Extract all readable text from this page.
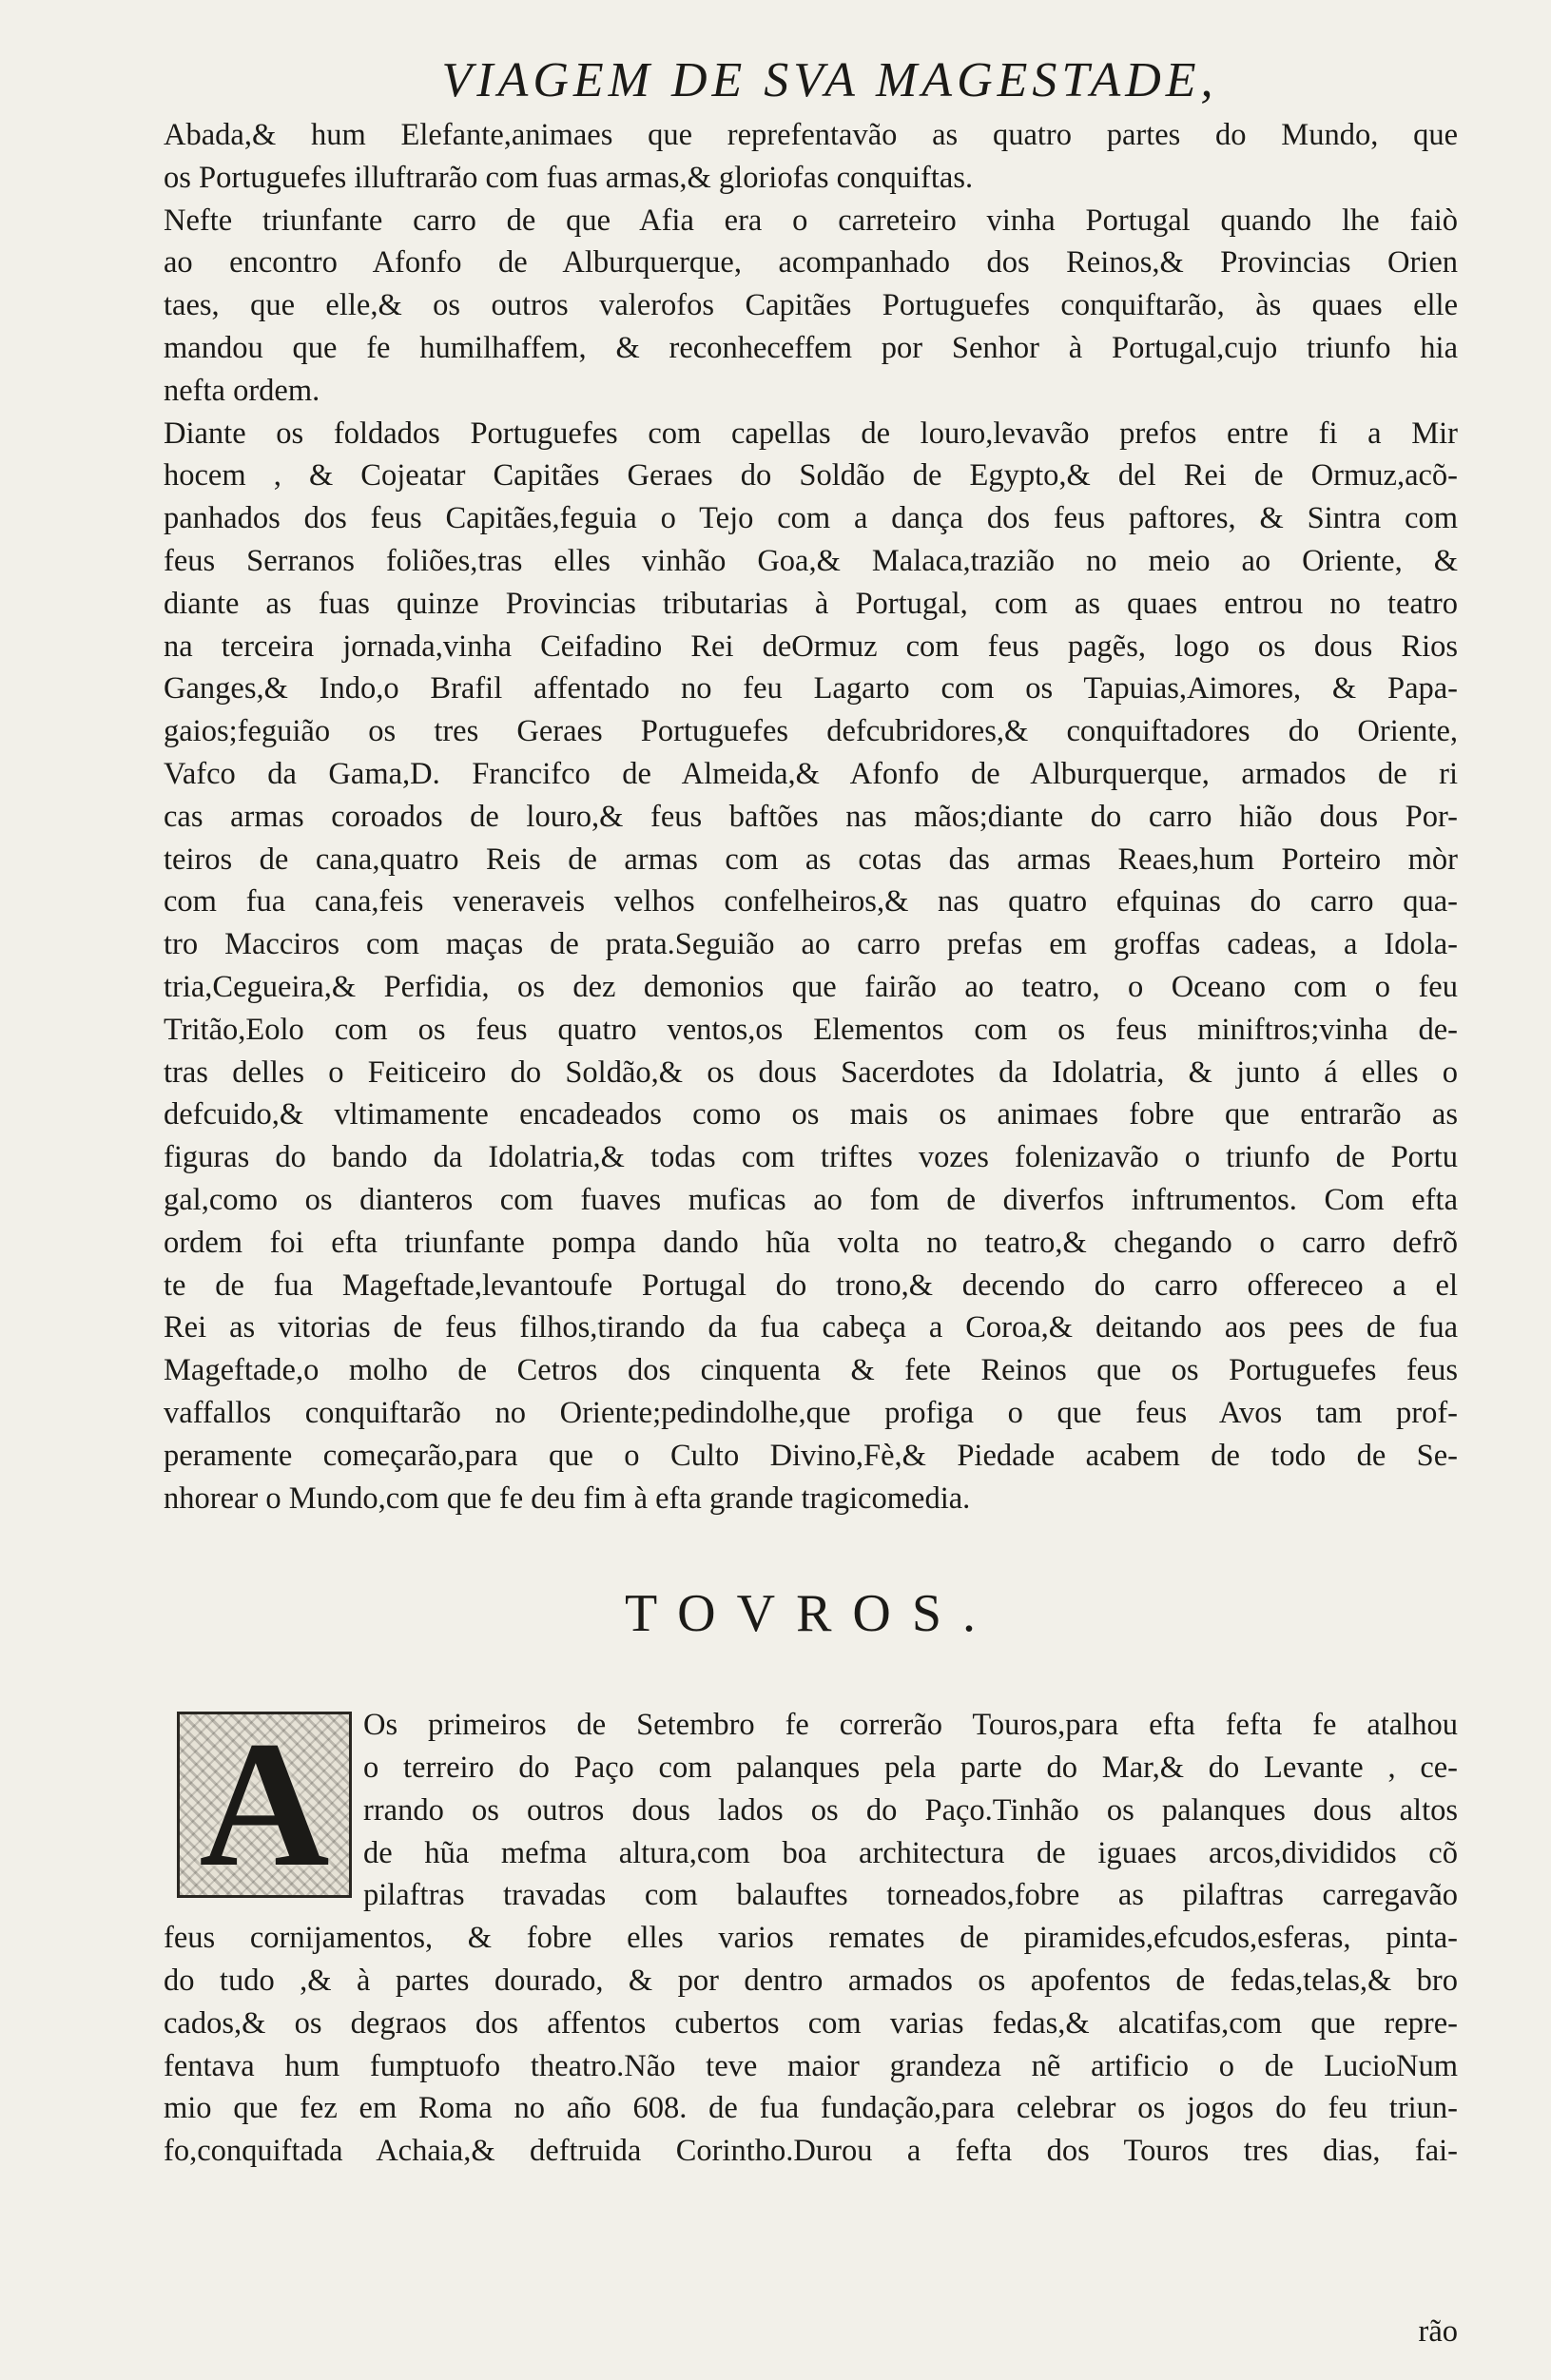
VIAGEM DE SVA MAGESTADE,
Abada,& hum Elefante,animaes que reprefentavão as quatro partes do Mundo, que
os Portuguefes illuftrarão com fuas armas,& gloriofas conquiftas.
Nefte triunfante carro de que Afia era o carreteiro vinha Portugal quando lhe faiò
ao encontro Afonfo de Alburquerque, acompanhado dos Reinos,& Provincias Orien
taes, que elle,& os outros valerofos Capitães Portuguefes conquiftarão, às quaes elle
mandou que fe humilhaffem, & reconheceffem por Senhor à Portugal,cujo triunfo hia
nefta ordem.
Diante os foldados Portuguefes com capellas de louro,levavão prefos entre fi a Mir
hocem , & Cojeatar Capitães Geraes do Soldão de Egypto,& del Rei de Ormuz,acõ-
panhados dos feus Capitães,feguia o Tejo com a dança dos feus paftores, & Sintra com
feus Serranos foliões,tras elles vinhão Goa,& Malaca,trazião no meio ao Oriente, &
diante as fuas quinze Provincias tributarias à Portugal, com as quaes entrou no teatro
na terceira jornada,vinha Ceifadino Rei deOrmuz com feus pagẽs, logo os dous Rios
Ganges,& Indo,o Brafil affentado no feu Lagarto com os Tapuias,Aimores, & Papa-
gaios;feguião os tres Geraes Portuguefes defcubridores,& conquiftadores do Oriente,
Vafco da Gama,D. Francifco de Almeida,& Afonfo de Alburquerque, armados de ri
cas armas coroados de louro,& feus baftões nas mãos;diante do carro hião dous Por-
teiros de cana,quatro Reis de armas com as cotas das armas Reaes,hum Porteiro mòr
com fua cana,feis veneraveis velhos confelheiros,& nas quatro efquinas do carro qua-
tro Macciros com maças de prata.Seguião ao carro prefas em groffas cadeas, a Idola-
tria,Cegueira,& Perfidia, os dez demonios que fairão ao teatro, o Oceano com o feu
Tritão,Eolo com os feus quatro ventos,os Elementos com os feus miniftros;vinha de-
tras delles o Feiticeiro do Soldão,& os dous Sacerdotes da Idolatria, & junto á elles o
defcuido,& vltimamente encadeados como os mais os animaes fobre que entrarão as
figuras do bando da Idolatria,& todas com triftes vozes folenizavão o triunfo de Portu
gal,como os dianteros com fuaves muficas ao fom de diverfos inftrumentos. Com efta
ordem foi efta triunfante pompa dando hũa volta no teatro,& chegando o carro defrõ
te de fua Mageftade,levantoufe Portugal do trono,& decendo do carro offereceo a el
Rei as vitorias de feus filhos,tirando da fua cabeça a Coroa,& deitando aos pees de fua
Mageftade,o molho de Cetros dos cinquenta & fete Reinos que os Portuguefes feus
vaffallos conquiftarão no Oriente;pedindolhe,que profiga o que feus Avos tam prof-
peramente começarão,para que o Culto Divino,Fè,& Piedade acabem de todo de Se-
nhorear o Mundo,com que fe deu fim à efta grande tragicomedia.
TOVROS.
A	Os primeiros de Setembro fe correrão Touros,para efta fefta fe atalhou
o terreiro do Paço com palanques pela parte do Mar,& do Levante , ce-
rrando os outros dous lados os do Paço.Tinhão os palanques dous altos
de hũa mefma altura,com boa architectura de iguaes arcos,divididos cõ
pilaftras travadas com balauftes torneados,fobre as pilaftras carregavão
feus cornijamentos, & fobre elles varios remates de piramides,efcudos,esferas, pinta-
do tudo ,& à partes dourado, & por dentro armados os apofentos de fedas,telas,& bro
cados,& os degraos dos affentos cubertos com varias fedas,& alcatifas,com que repre-
fentava hum fumptuofo theatro.Não teve maior grandeza nẽ artificio o de LucioNum
mio que fez em Roma no año 608. de fua fundação,para celebrar os jogos do feu triun-
fo,conquiftada Achaia,& deftruida Corintho.Durou a fefta dos Touros tres dias, fai-
rão
